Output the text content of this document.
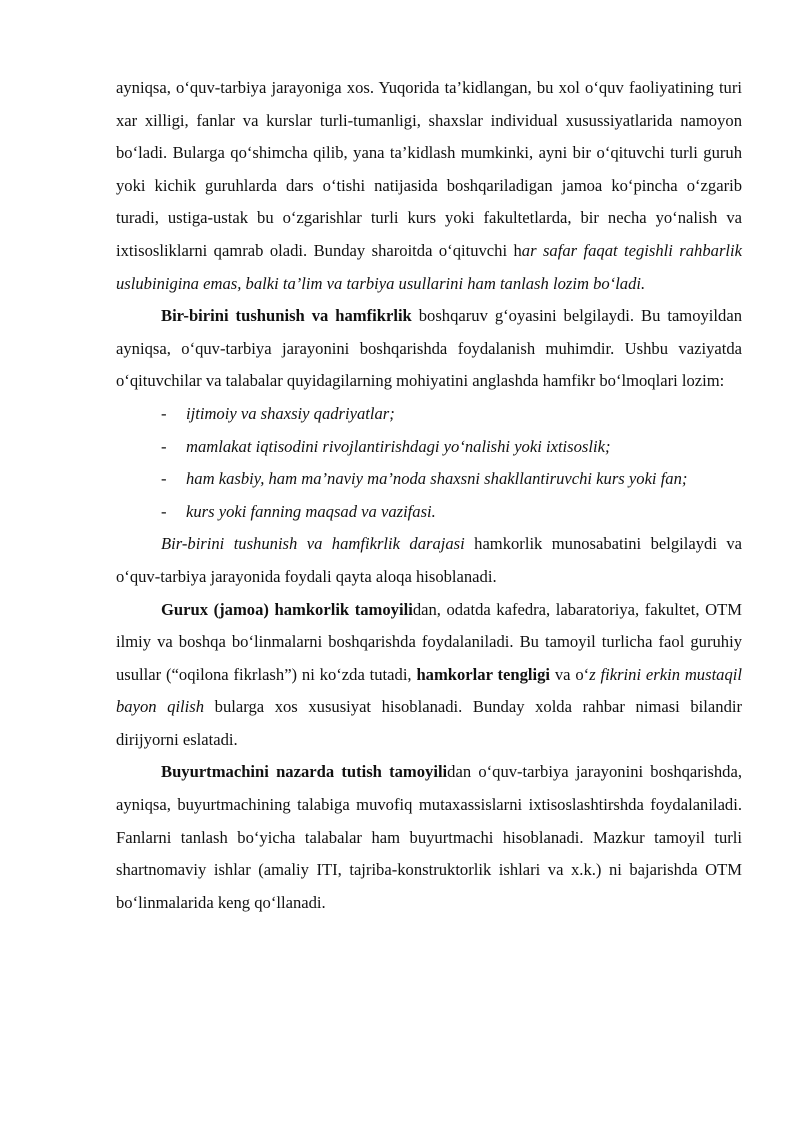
ayniqsa, o‘quv-tarbiya jarayoniga xos. Yuqorida ta’kidlangan, bu xol o‘quv faoliyatining turi xar xilligi, fanlar va kurslar turli-tumanligi, shaxslar individual xusussiyatlarida namoyon bo‘ladi. Bularga qo‘shimcha qilib, yana ta’kidlash mumkinki, ayni bir o‘qituvchi turli guruh yoki kichik guruhlarda dars o‘tishi natijasida boshqariladigan jamoa ko‘pincha o‘zgarib turadi, ustiga-ustak bu o‘zgarishlar turli kurs yoki fakultetlarda, bir necha yo‘nalish va ixtisosliklarni qamrab oladi. Bunday sharoitda o‘qituvchi har safar faqat tegishli rahbarlik uslubinigina emas, balki ta’lim va tarbiya usullarini ham tanlash lozim bo‘ladi.

Bir-birini tushunish va hamfikrlik boshqaruv g‘oyasini belgilaydi. Bu tamoyildan ayniqsa, o‘quv-tarbiya jarayonini boshqarishda foydalanish muhimdir. Ushbu vaziyatda o‘qituvchilar va talabalar quyidagilarning mohiyatini anglashda hamfikr bo‘lmoqlari lozim:

- ijtimoiy va shaxsiy qadriyatlar;
- mamlakat iqtisodini rivojlantirishdagi yo‘nalishi yoki ixtisoslik;
- ham kasbiy, ham ma’naviy ma’noda shaxsni shakllantiruvchi kurs yoki fan;
- kurs yoki fanning maqsad va vazifasi.

Bir-birini tushunish va hamfikrlik darajasi hamkorlik munosabatini belgilaydi va o‘quv-tarbiya jarayonida foydali qayta aloqa hisoblanadi.

Gurux (jamoa) hamkorlik tamoyilidan, odatda kafedra, labaratoriya, fakultet, OTM ilmiy va boshqa bo‘linmalarni boshqarishda foydalaniladi. Bu tamoyil turlicha faol guruhiy usullar (“oqilona fikrlash”) ni ko‘zda tutadi, hamkorlar tengligi va o‘z fikrini erkin mustaqil bayon qilish bularga xos xususiyat hisoblanadi. Bunday xolda rahbar nimasi bilandir dirijyorni eslatadi.

Buyurtmachini nazarda tutish tamoyilidan o‘quv-tarbiya jarayonini boshqarishda, ayniqsa, buyurtmachining talabiga muvofiq mutaxassislarni ixtisoslashtirshda foydalaniladi. Fanlarni tanlash bo‘yicha talabalar ham buyurtmachi hisoblanadi. Mazkur tamoyil turli shartnomaviy ishlar (amaliy ITI, tajriba-konstruktorlik ishlari va x.k.) ni bajarishda OTM bo‘linmalarida keng qo‘llanadi.
